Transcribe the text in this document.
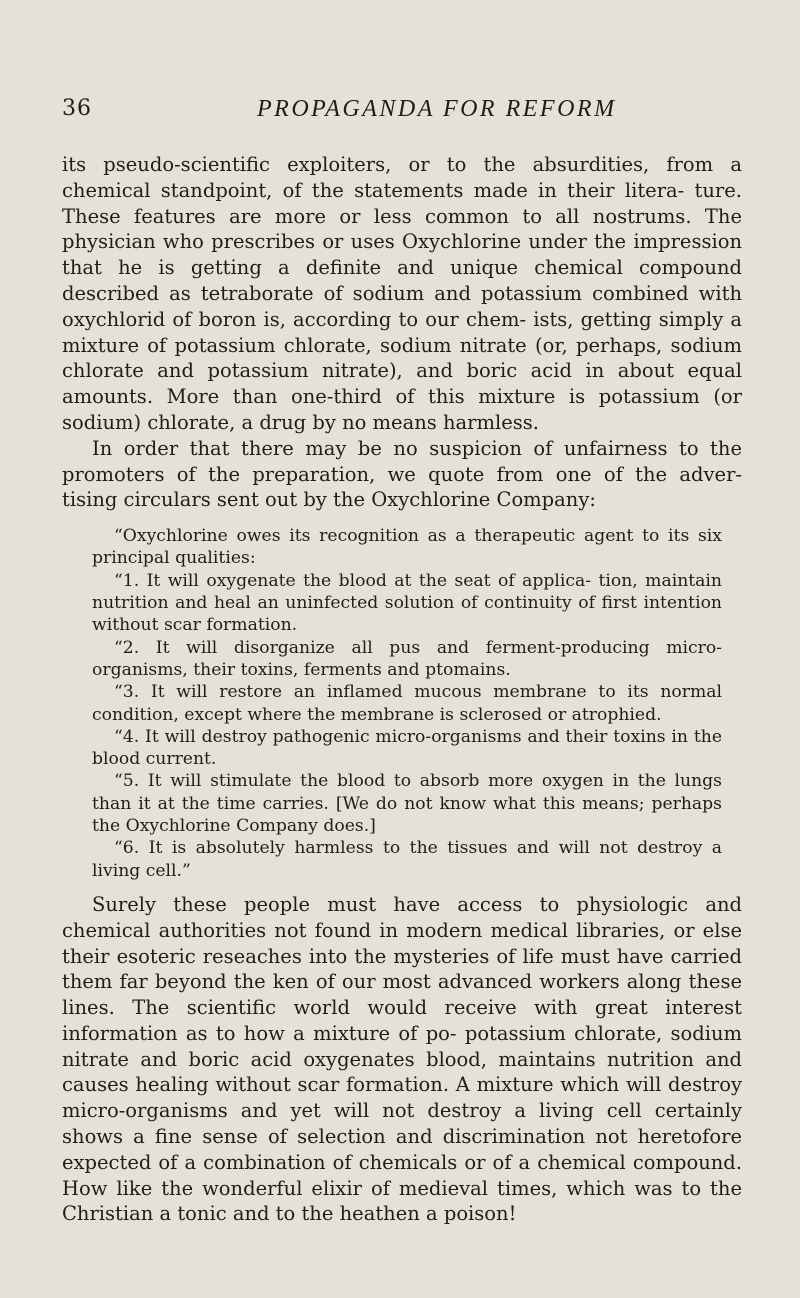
36	PROPAGANDA FOR REFORM

its pseudo-scientific exploiters, or to the absurdities, from a chemical standpoint, of the statements made in their litera- ture. These features are more or less common to all nostrums. The physician who prescribes or uses Oxychlorine under the impression that he is getting a definite and unique chemical compound described as tetraborate of sodium and potassium combined with oxychlorid of boron is, according to our chem- ists, getting simply a mixture of potassium chlorate, sodium nitrate (or, perhaps, sodium chlorate and potassium nitrate), and boric acid in about equal amounts. More than one-third of this mixture is potassium (or sodium) chlorate, a drug by no means harmless.

In order that there may be no suspicion of unfairness to the promoters of the preparation, we quote from one of the adver- tising circulars sent out by the Oxychlorine Company:

“Oxychlorine owes its recognition as a therapeutic agent to its six principal qualities:

“1. It will oxygenate the blood at the seat of applica- tion, maintain nutrition and heal an uninfected solution of continuity of first intention without scar formation.

“2. It will disorganize all pus and ferment-producing micro-organisms, their toxins, ferments and ptomains.

“3. It will restore an inflamed mucous membrane to its normal condition, except where the membrane is sclerosed or atrophied.

“4. It will destroy pathogenic micro-organisms and their toxins in the blood current.

“5. It will stimulate the blood to absorb more oxygen in the lungs than it at the time carries. [We do not know what this means; perhaps the Oxychlorine Company does.]

“6. It is absolutely harmless to the tissues and will not destroy a living cell.”

Surely these people must have access to physiologic and chemical authorities not found in modern medical libraries, or else their esoteric reseaches into the mysteries of life must have carried them far beyond the ken of our most advanced workers along these lines. The scientific world would receive with great interest information as to how a mixture of po- potassium chlorate, sodium nitrate and boric acid oxygenates blood, maintains nutrition and causes healing without scar formation. A mixture which will destroy micro-organisms and yet will not destroy a living cell certainly shows a fine sense of selection and discrimination not heretofore expected of a combination of chemicals or of a chemical compound. How like the wonderful elixir of medieval times, which was to the Christian a tonic and to the heathen a poison!
